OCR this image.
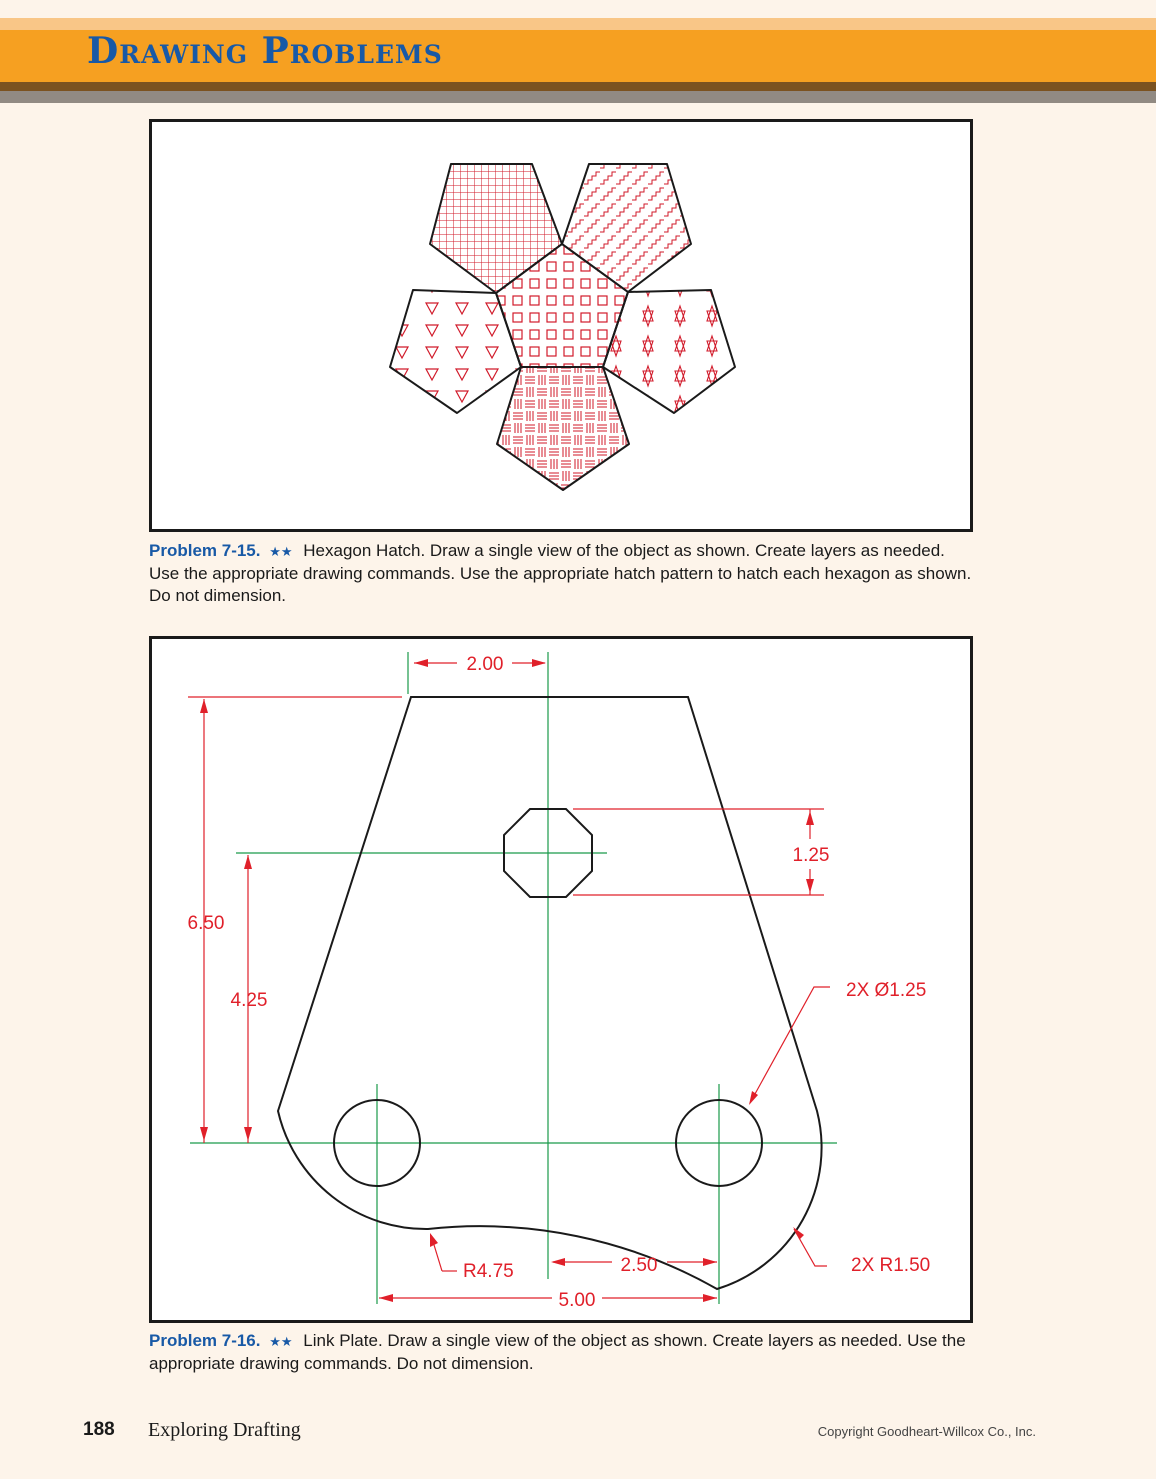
Drawing Problems
Problem 7-15. ★★ Hexagon Hatch. Draw a single view of the object as shown. Create layers as needed. Use the appropriate drawing commands. Use the appropriate hatch pattern to hatch each hexagon as shown. Do not dimension.
2.00
1.25
6.50
4.25	2X Ø1.25
R4.75	2.50
5.00
2X R1.50
Problem 7-16. ★★ Link Plate. Draw a single view of the object as shown. Create layers as needed. Use the appropriate drawing commands. Do not dimension.
188 Exploring Drafting	Copyright Goodheart-Willcox Co., Inc.
